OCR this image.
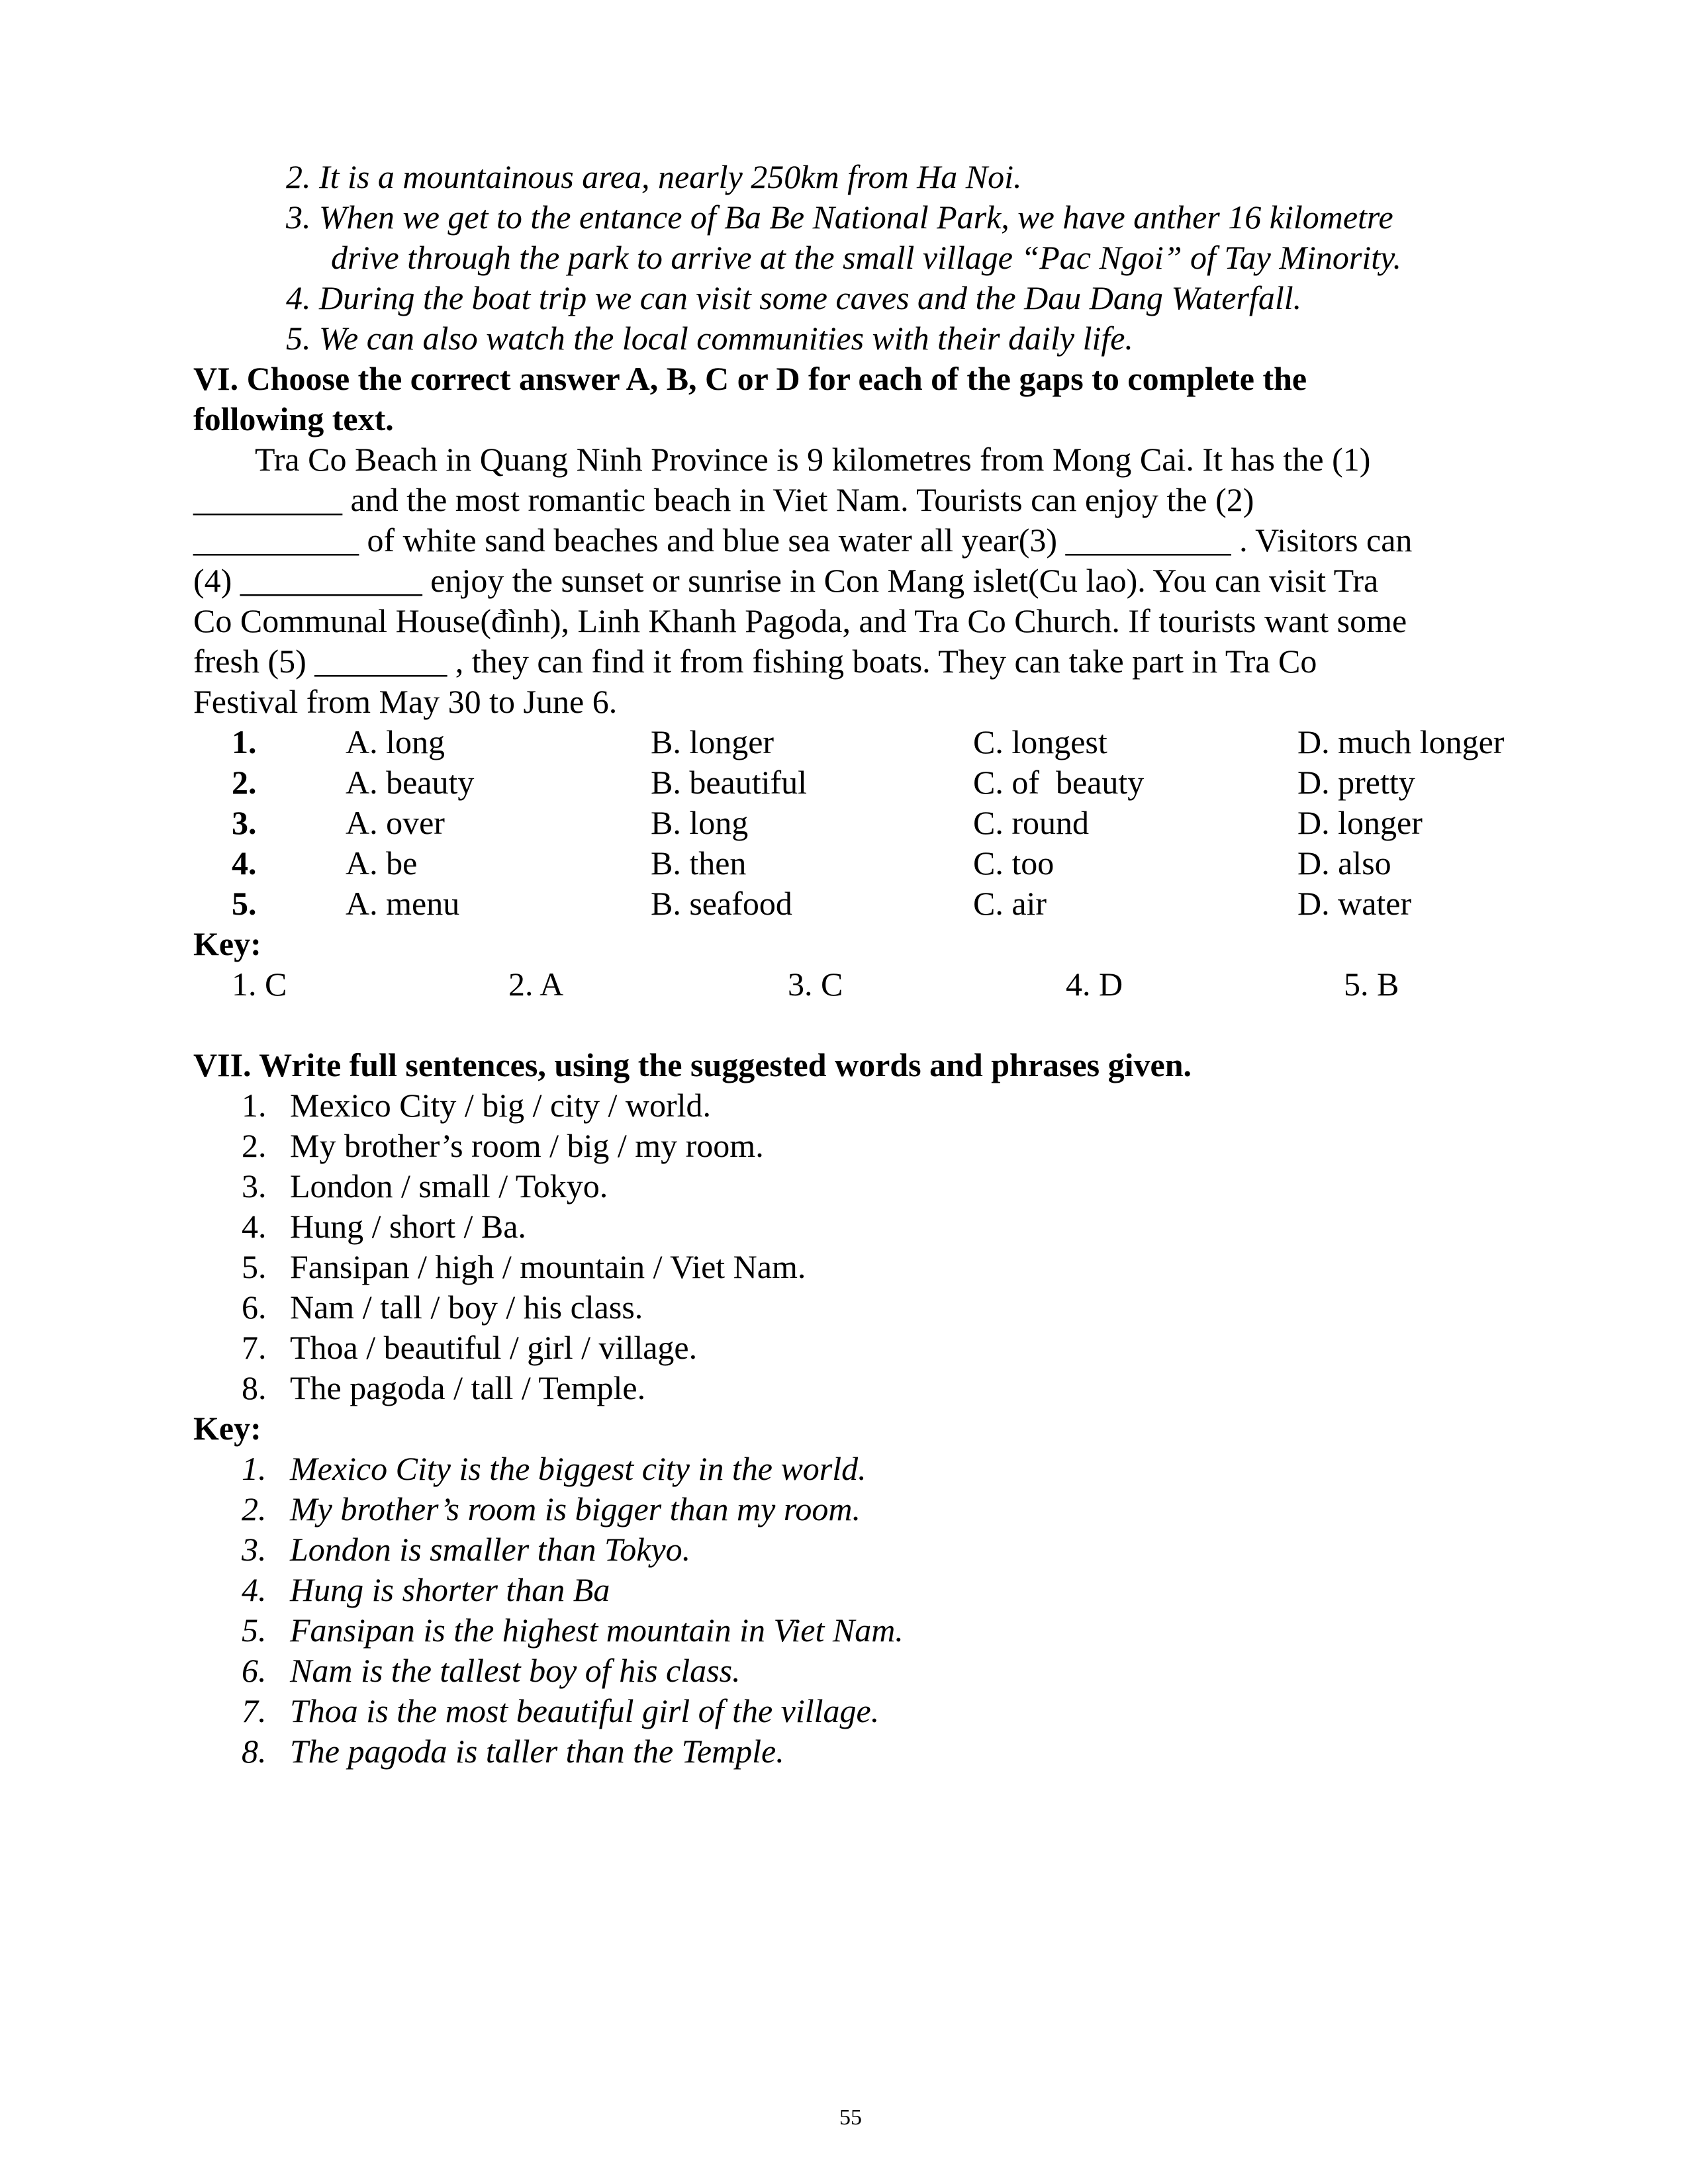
2. It is a mountainous area, nearly 250km from Ha Noi.
3. When we get to the entance of Ba Be National Park, we have anther 16 kilometre
drive through the park to arrive at the small village “Pac Ngoi” of Tay Minority.
4. During the boat trip we can visit some caves and the Dau Dang Waterfall.
5. We can also watch the local communities with their daily life.
VI. Choose the correct answer A, B, C or D for each of the gaps to complete the
following text.
Tra Co Beach in Quang Ninh Province is 9 kilometres from Mong Cai. It has the (1)
_________ and the most romantic beach in Viet Nam. Tourists can enjoy the (2)
__________ of white sand beaches and blue sea water all year(3) __________ . Visitors can
(4) ___________ enjoy the sunset or sunrise in Con Mang islet(Cu lao). You can visit Tra
Co Communal House(đình), Linh Khanh Pagoda, and Tra Co Church. If tourists want some
fresh (5) ________ , they can find it from fishing boats. They can take part in Tra Co
Festival from May 30 to June 6.
1.	A. long	B. longer	C. longest	D. much longer
2.	A. beauty	B. beautiful	C. of  beauty	D. pretty
3.	A. over	B. long	C. round	D. longer
4.	A. be	B. then	C. too	D. also
5.	A. menu	B. seafood	C. air	D. water
Key:
1. C	2. A	3. C	4. D	5. B
VII. Write full sentences, using the suggested words and phrases given.
1. Mexico City / big / city / world.
2. My brother’s room / big / my room.
3. London / small / Tokyo.
4. Hung / short / Ba.
5. Fansipan / high / mountain / Viet Nam.
6. Nam / tall / boy / his class.
7. Thoa / beautiful / girl / village.
8. The pagoda / tall / Temple.
Key:
1. Mexico City is the biggest city in the world.
2. My brother’s room is bigger than my room.
3. London is smaller than Tokyo.
4. Hung is shorter than Ba
5. Fansipan is the highest mountain in Viet Nam.
6. Nam is the tallest boy of his class.
7. Thoa is the most beautiful girl of the village.
8. The pagoda is taller than the Temple.
55
